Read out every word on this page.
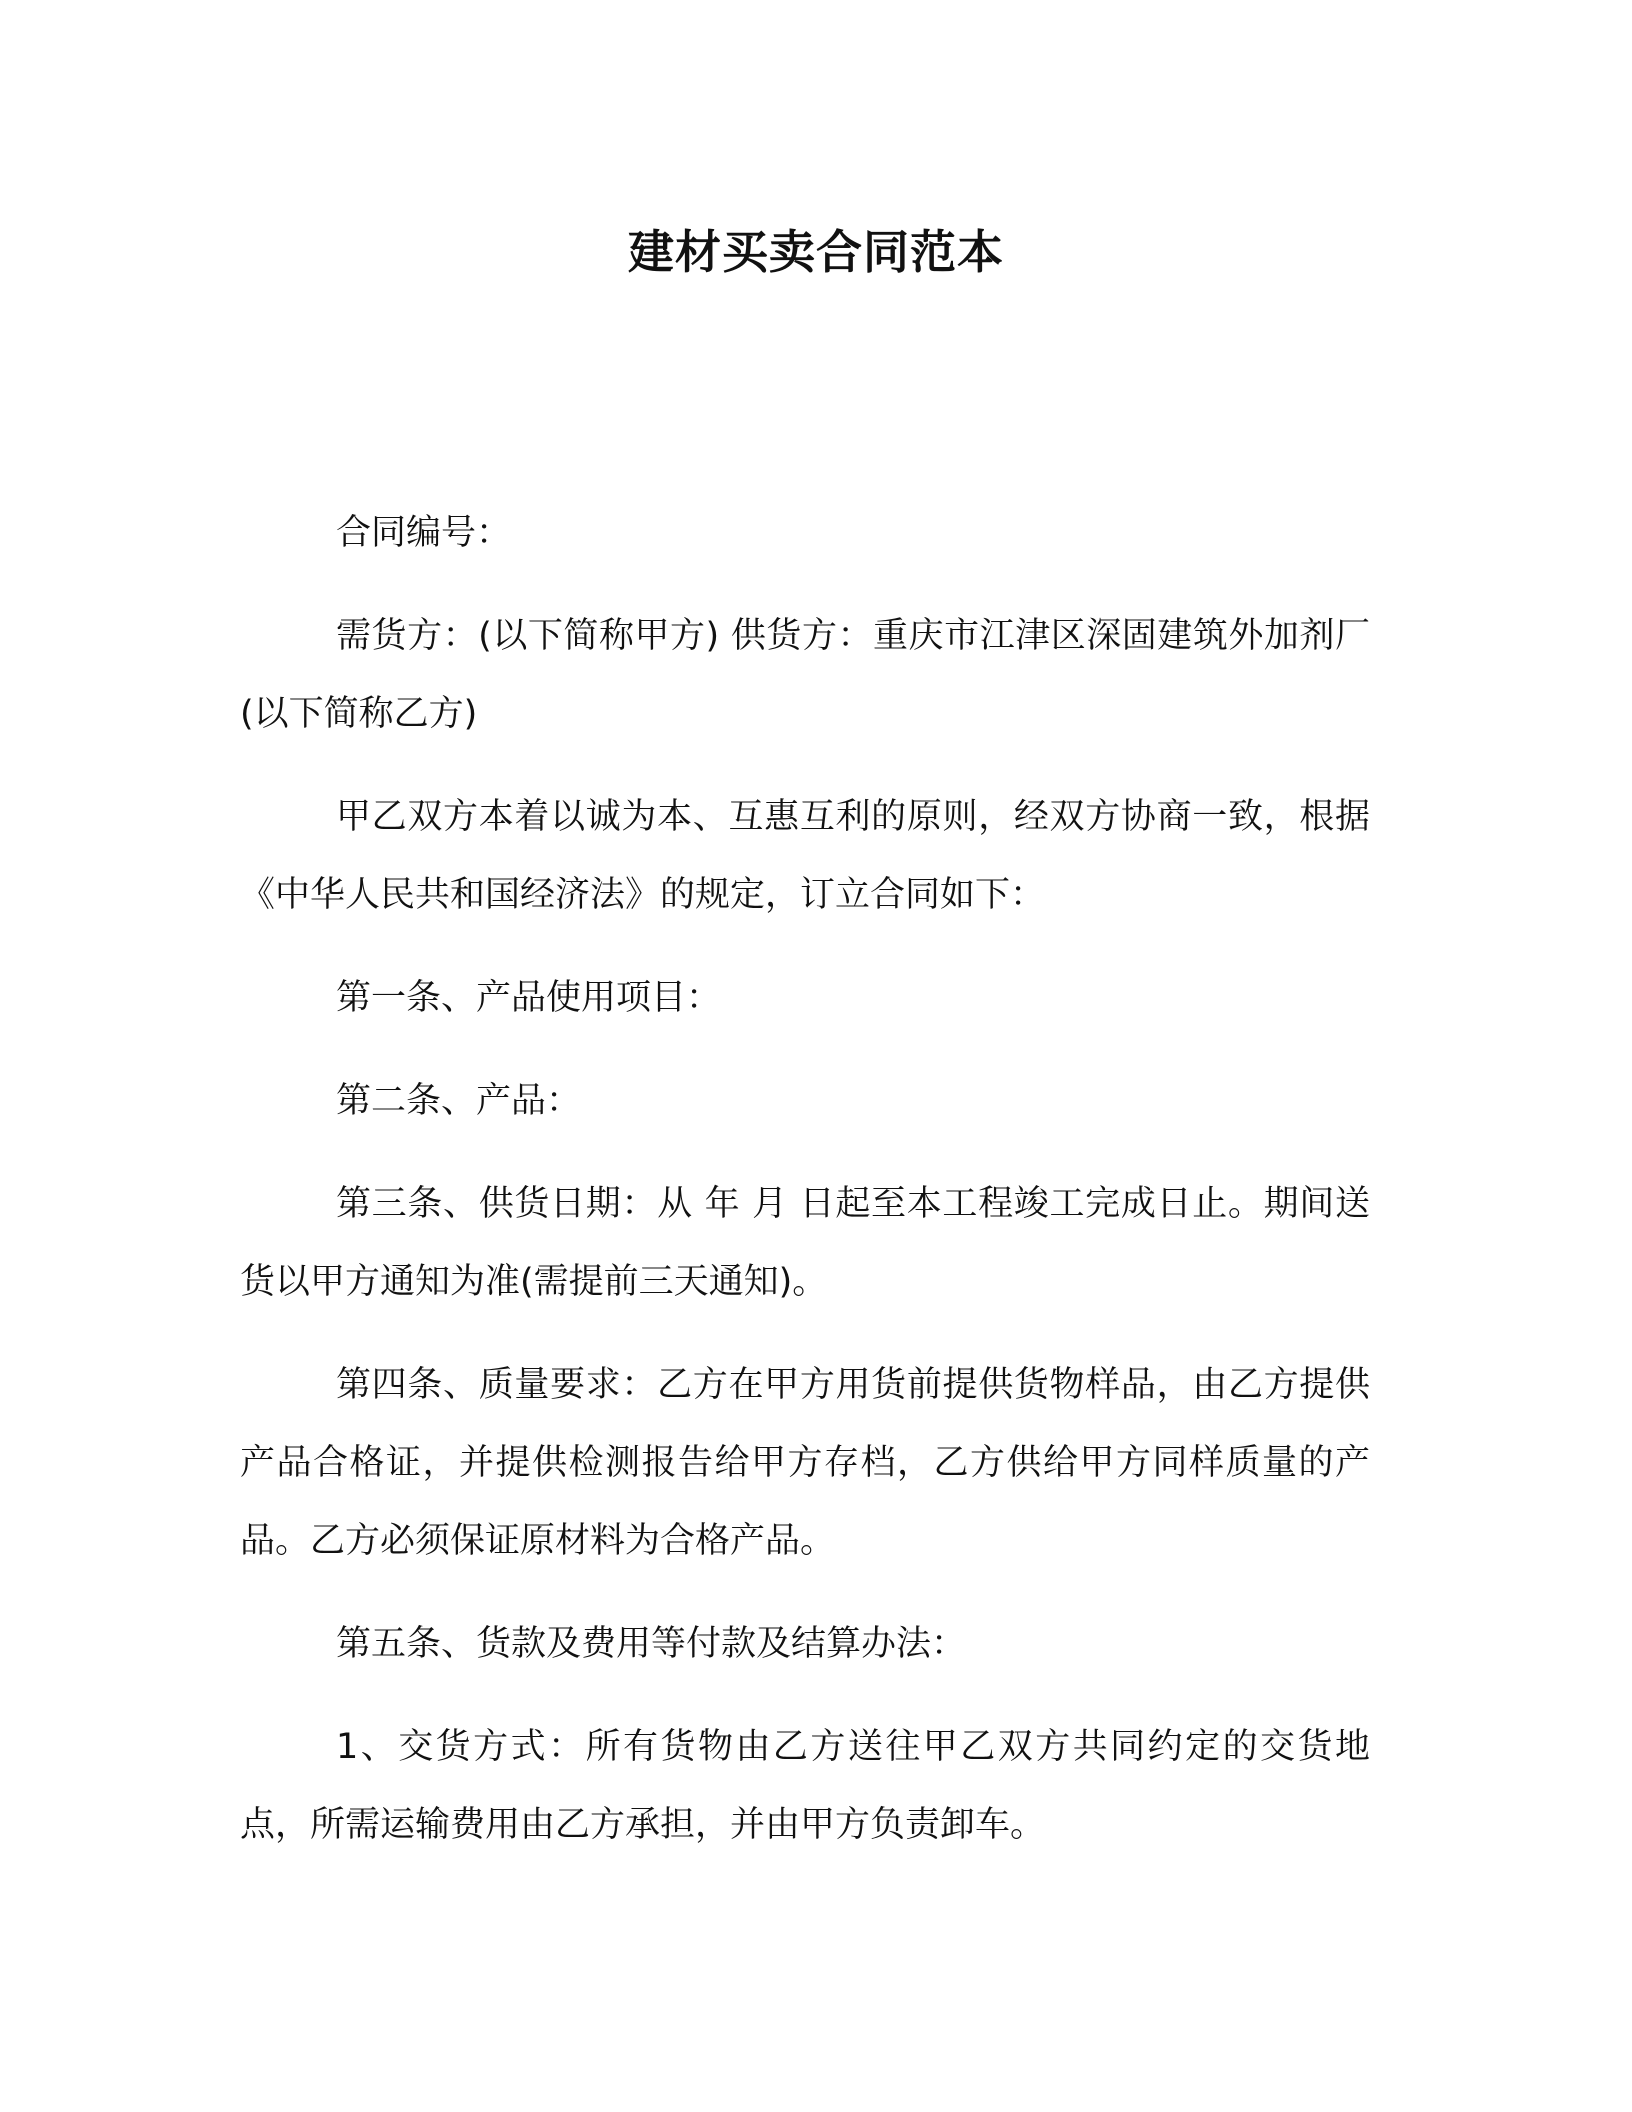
建材买卖合同范本

合同编号：

需货方：(以下简称甲方) 供货方：重庆市江津区深固建筑外加剂厂 (以下简称乙方)

甲乙双方本着以诚为本、互惠互利的原则，经双方协商一致，根据《中华人民共和国经济法》的规定，订立合同如下：

第一条、产品使用项目：

第二条、产品：

第三条、供货日期：从 年 月 日起至本工程竣工完成日止。期间送货以甲方通知为准(需提前三天通知)。

第四条、质量要求：乙方在甲方用货前提供货物样品，由乙方提供产品合格证，并提供检测报告给甲方存档，乙方供给甲方同样质量的产品。乙方必须保证原材料为合格产品。

第五条、货款及费用等付款及结算办法：

1、交货方式：所有货物由乙方送往甲乙双方共同约定的交货地点，所需运输费用由乙方承担，并由甲方负责卸车。
